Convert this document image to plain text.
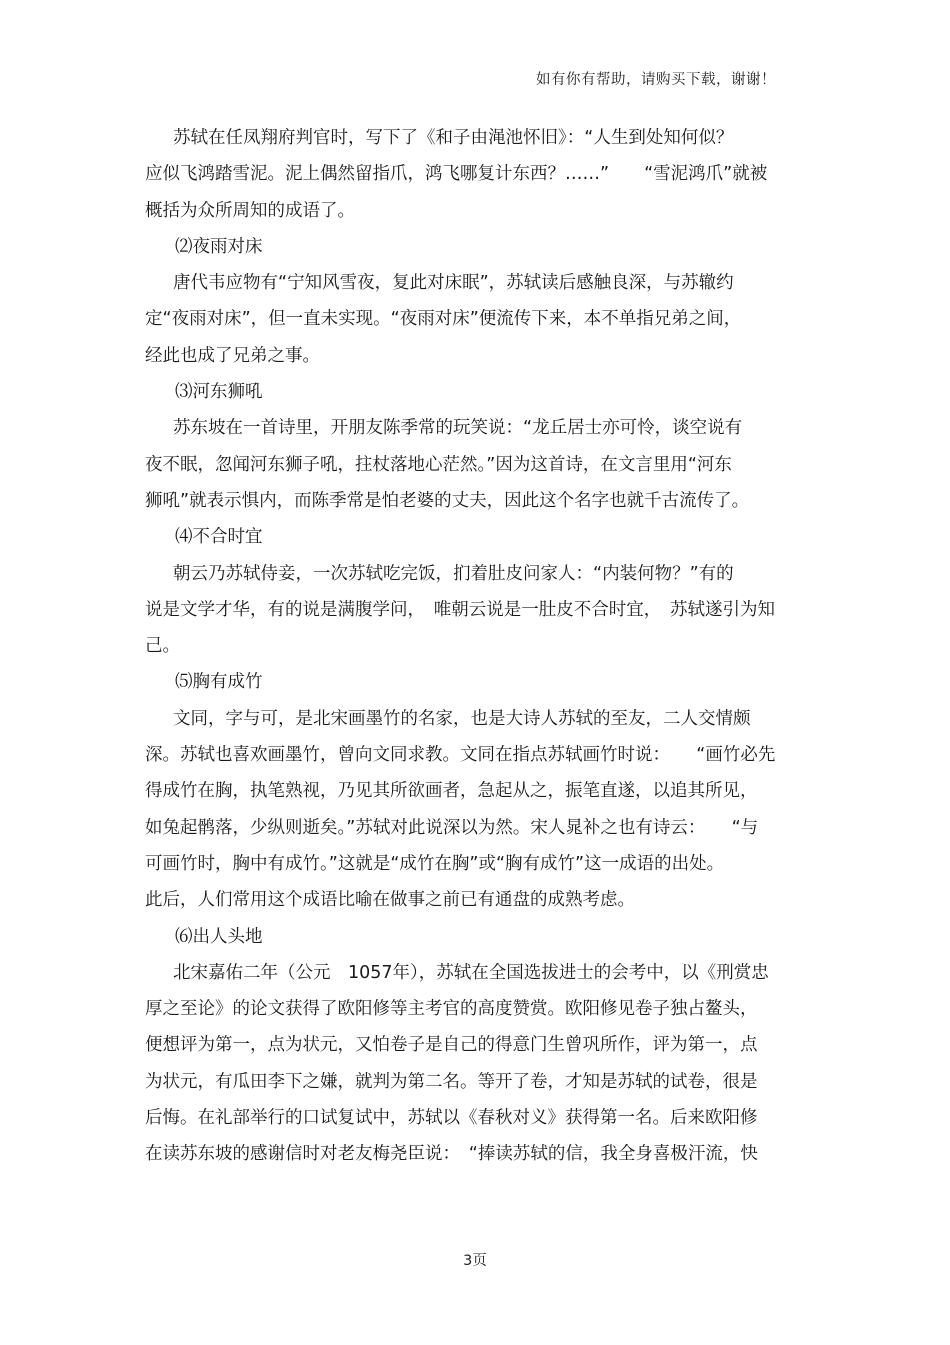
如有你有帮助，请购买下载，谢谢！
苏轼在任凤翔府判官时，写下了《和子由渑池怀旧》：“人生到处知何似？
应似飞鸿踏雪泥。泥上偶然留指爪，鸿飞哪复计东西？……”　　“雪泥鸿爪”就被
概括为众所周知的成语了。
⑵夜雨对床
唐代韦应物有“宁知风雪夜，复此对床眠”，苏轼读后感触良深，与苏辙约
定“夜雨对床”，但一直未实现。“夜雨对床”便流传下来，本不单指兄弟之间，
经此也成了兄弟之事。
⑶河东狮吼
苏东坡在一首诗里，开朋友陈季常的玩笑说：“龙丘居士亦可怜，谈空说有
夜不眠，忽闻河东狮子吼，拄杖落地心茫然。”因为这首诗，在文言里用“河东
狮吼”就表示惧内，而陈季常是怕老婆的丈夫，因此这个名字也就千古流传了。
⑷不合时宜
朝云乃苏轼侍妾，一次苏轼吃完饭，扪着肚皮问家人：“内装何物？”有的
说是文学才华，有的说是满腹学问，　唯朝云说是一肚皮不合时宜，　苏轼遂引为知
己。
⑸胸有成竹
文同，字与可，是北宋画墨竹的名家，也是大诗人苏轼的至友，二人交情颇
深。苏轼也喜欢画墨竹，曾向文同求教。文同在指点苏轼画竹时说：　　“画竹必先
得成竹在胸，执笔熟视，乃见其所欲画者，急起从之，振笔直遂，以追其所见，
如兔起鹘落，少纵则逝矣。”苏轼对此说深以为然。宋人晁补之也有诗云：　　“与
可画竹时，胸中有成竹。”这就是“成竹在胸”或“胸有成竹”这一成语的出处。
此后，人们常用这个成语比喻在做事之前已有通盘的成熟考虑。
⑹出人头地
北宋嘉佑二年（公元　1057年），苏轼在全国选拔进士的会考中，以《刑赏忠
厚之至论》的论文获得了欧阳修等主考官的高度赞赏。欧阳修见卷子独占鳌头，
便想评为第一，点为状元，又怕卷子是自己的得意门生曾巩所作，评为第一，点
为状元，有瓜田李下之嫌，就判为第二名。等开了卷，才知是苏轼的试卷，很是
后悔。在礼部举行的口试复试中，苏轼以《春秋对义》获得第一名。后来欧阳修
在读苏东坡的感谢信时对老友梅尧臣说：　“捧读苏轼的信，我全身喜极汗流，快
3页
